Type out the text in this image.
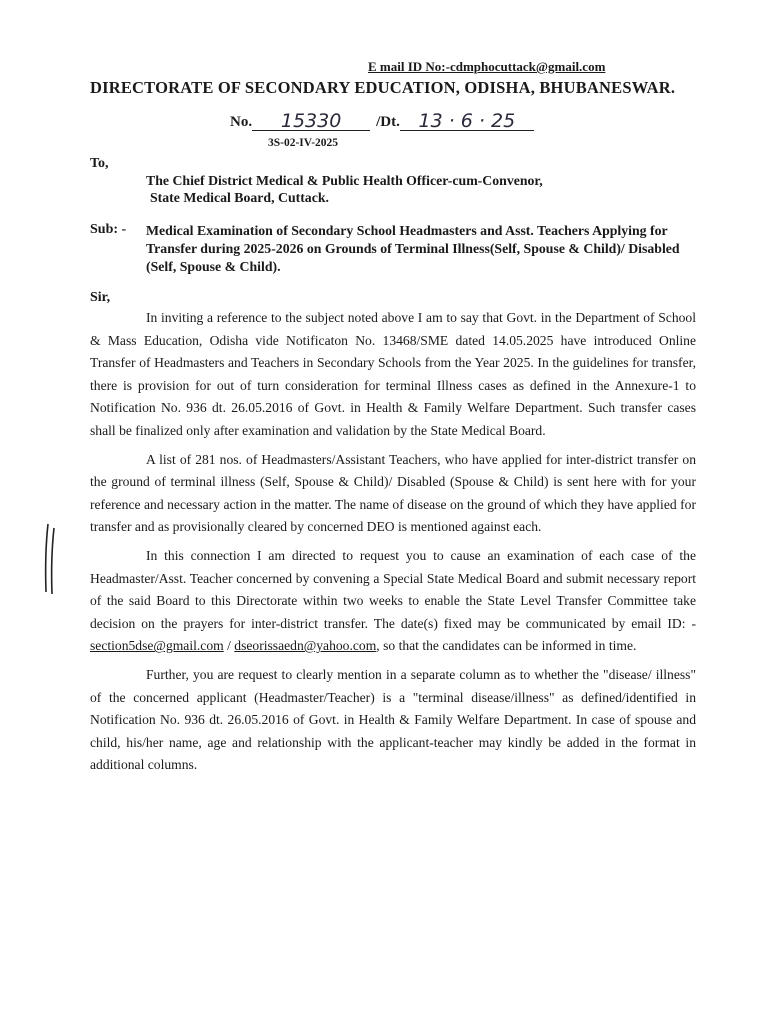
E mail ID No:-cdmphocuttack@gmail.com
DIRECTORATE OF SECONDARY EDUCATION, ODISHA, BHUBANESWAR.
No.	15330	/Dt. 13 · 6 · 25
3S-02-IV-2025
To,
The Chief District Medical & Public Health Officer-cum-Convenor,
State Medical Board, Cuttack.
Sub: - Medical Examination of Secondary School Headmasters and Asst. Teachers Applying for Transfer during 2025-2026 on Grounds of Terminal Illness(Self, Spouse & Child)/ Disabled (Self, Spouse & Child).
Sir,

In inviting a reference to the subject noted above I am to say that Govt. in the Department of School & Mass Education, Odisha vide Notificaton No. 13468/SME dated 14.05.2025 have introduced Online Transfer of Headmasters and Teachers in Secondary Schools from the Year 2025. In the guidelines for transfer, there is provision for out of turn consideration for terminal Illness cases as defined in the Annexure-1 to Notification No. 936 dt. 26.05.2016 of Govt. in Health & Family Welfare Department. Such transfer cases shall be finalized only after examination and validation by the State Medical Board.

A list of 281 nos. of Headmasters/Assistant Teachers, who have applied for inter-district transfer on the ground of terminal illness (Self, Spouse & Child)/ Disabled (Spouse & Child) is sent here with for your reference and necessary action in the matter. The name of disease on the ground of which they have applied for transfer and as provisionally cleared by concerned DEO is mentioned against each.

In this connection I am directed to request you to cause an examination of each case of the Headmaster/Asst. Teacher concerned by convening a Special State Medical Board and submit necessary report of the said Board to this Directorate within two weeks to enable the State Level Transfer Committee take decision on the prayers for inter-district transfer. The date(s) fixed may be communicated by email ID: - section5dse@gmail.com / dseorissaedn@yahoo.com, so that the candidates can be informed in time.

Further, you are request to clearly mention in a separate column as to whether the "disease/ illness" of the concerned applicant (Headmaster/Teacher) is a "terminal disease/illness" as defined/identified in Notification No. 936 dt. 26.05.2016 of Govt. in Health & Family Welfare Department. In case of spouse and child, his/her name, age and relationship with the applicant-teacher may kindly be added in the format in additional columns.
